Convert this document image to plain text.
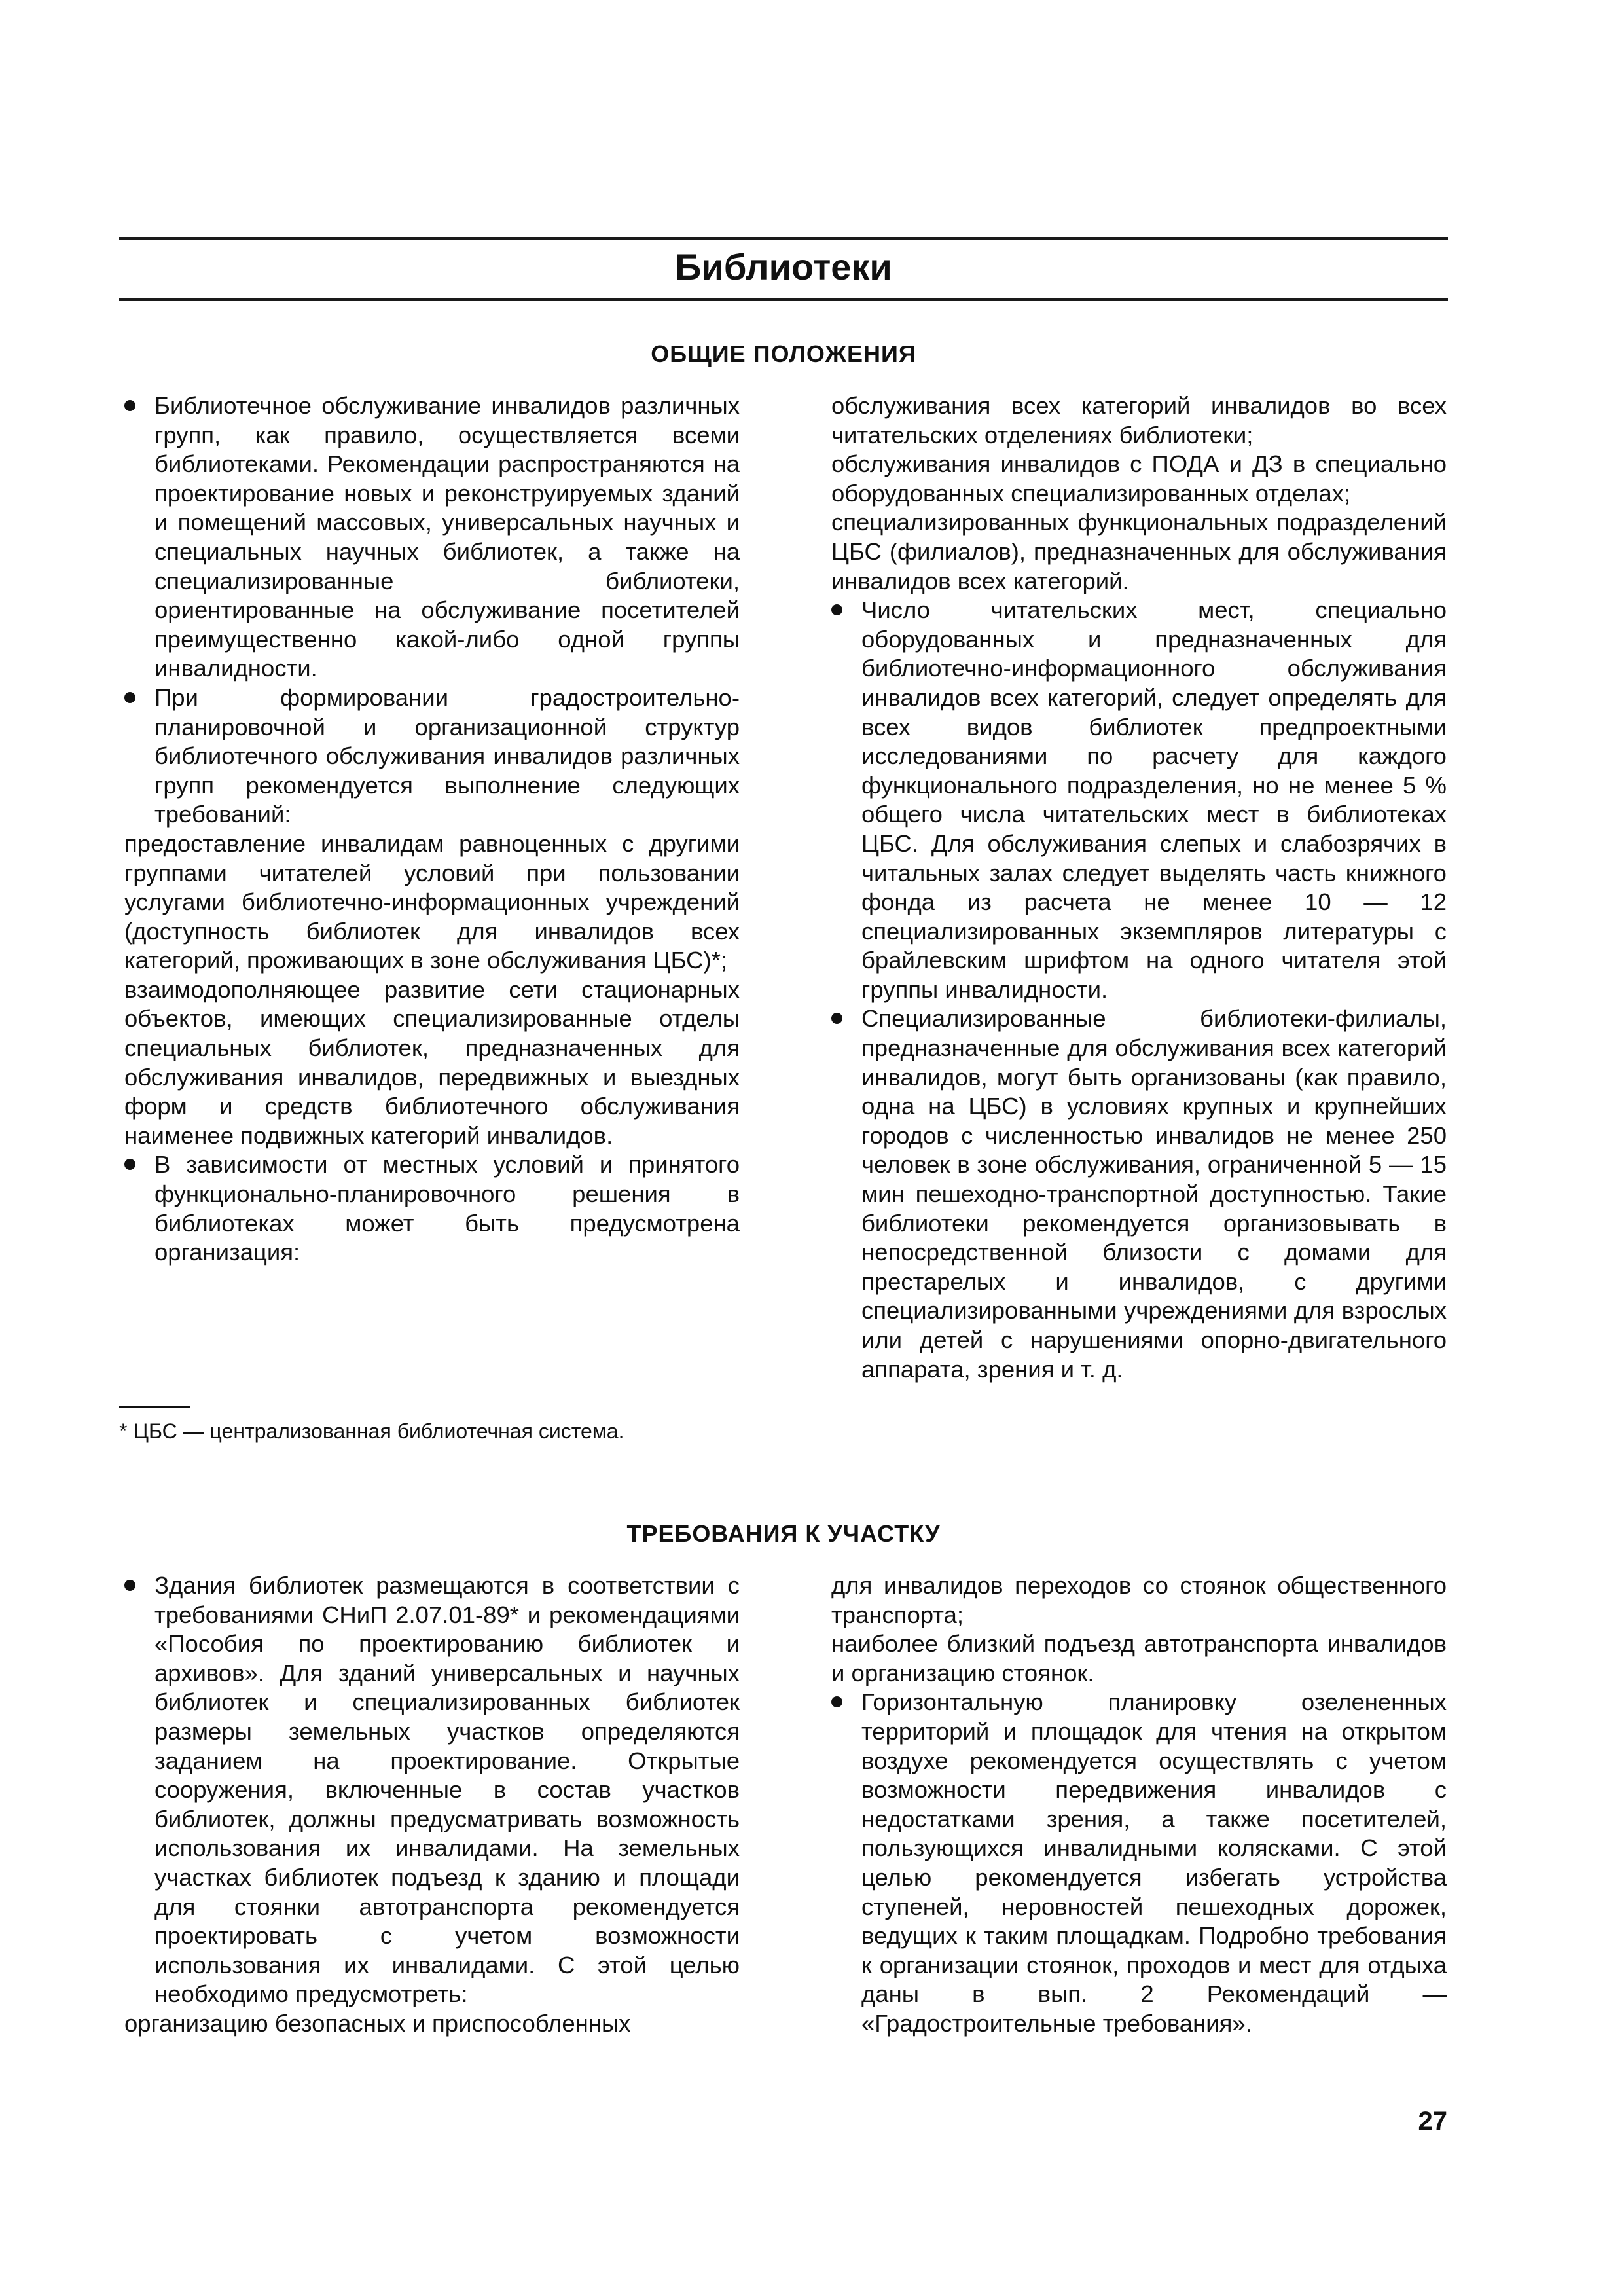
Библиотеки
ОБЩИЕ ПОЛОЖЕНИЯ

Библиотечное обслуживание инвалидов различных групп, как правило, осуществляется всеми библиотеками. Рекомендации распространяются на проектирование новых и реконструируемых зданий и помещений массовых, универсальных научных и специальных научных библиотек, а также на специализированные библиотеки, ориентированные на обслуживание посетителей преимущественно какой-либо одной группы инвалидности.

При формировании градостроительно-планировочной и организационной структур библиотечного обслуживания инвалидов различных групп рекомендуется выполнение следующих требований:

предоставление инвалидам равноценных с другими группами читателей условий при пользовании услугами библиотечно-информационных учреждений (доступность библиотек для инвалидов всех категорий, проживающих в зоне обслуживания ЦБС)*;

взаимодополняющее развитие сети стационарных объектов, имеющих специализированные отделы специальных библиотек, предназначенных для обслуживания инвалидов, передвижных и выездных форм и средств библиотечного обслуживания наименее подвижных категорий инвалидов.

В зависимости от местных условий и принятого функционально-планировочного решения в библиотеках может быть предусмотрена организация:

обслуживания всех категорий инвалидов во всех читательских отделениях библиотеки;

обслуживания инвалидов с ПОДА и ДЗ в специально оборудованных специализированных отделах;

специализированных функциональных подразделений ЦБС (филиалов), предназначенных для обслуживания инвалидов всех категорий.

Число читательских мест, специально оборудованных и предназначенных для библиотечно-информационного обслуживания инвалидов всех категорий, следует определять для всех видов библиотек предпроектными исследованиями по расчету для каждого функционального подразделения, но не менее 5 % общего числа читательских мест в библиотеках ЦБС. Для обслуживания слепых и слабозрячих в читальных залах следует выделять часть книжного фонда из расчета не менее 10 — 12 специализированных экземпляров литературы с брайлевским шрифтом на одного читателя этой группы инвалидности.

Специализированные библиотеки-филиалы, предназначенные для обслуживания всех категорий инвалидов, могут быть организованы (как правило, одна на ЦБС) в условиях крупных и крупнейших городов с численностью инвалидов не менее 250 человек в зоне обслуживания, ограниченной 5 — 15 мин пешеходно-транспортной доступностью. Такие библиотеки рекомендуется организовывать в непосредственной близости с домами для престарелых и инвалидов, с другими специализированными учреждениями для взрослых или детей с нарушениями опорно-двигательного аппарата, зрения и т. д.

* ЦБС — централизованная библиотечная система.
ТРЕБОВАНИЯ К УЧАСТКУ

Здания библиотек размещаются в соответствии с требованиями СНиП 2.07.01-89* и рекомендациями «Пособия по проектированию библиотек и архивов». Для зданий универсальных и научных библиотек и специализированных библиотек размеры земельных участков определяются заданием на проектирование. Открытые сооружения, включенные в состав участков библиотек, должны предусматривать возможность использования их инвалидами. На земельных участках библиотек подъезд к зданию и площади для стоянки автотранспорта рекомендуется проектировать с учетом возможности использования их инвалидами. С этой целью необходимо предусмотреть:

организацию безопасных и приспособленных

для инвалидов переходов со стоянок общественного транспорта;

наиболее близкий подъезд автотранспорта инвалидов и организацию стоянок.

Горизонтальную планировку озелененных территорий и площадок для чтения на открытом воздухе рекомендуется осуществлять с учетом возможности передвижения инвалидов с недостатками зрения, а также посетителей, пользующихся инвалидными колясками. С этой целью рекомендуется избегать устройства ступеней, неровностей пешеходных дорожек, ведущих к таким площадкам. Подробно требования к организации стоянок, проходов и мест для отдыха даны в вып. 2 Рекомендаций — «Градостроительные требования».

27
